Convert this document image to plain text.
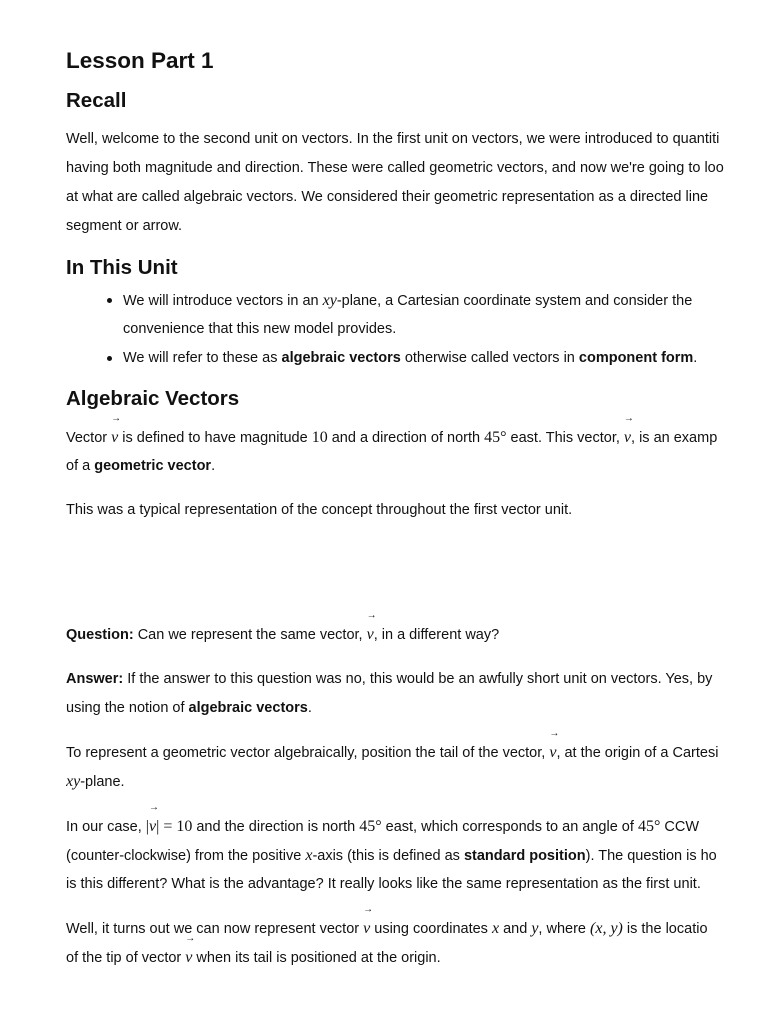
Lesson Part 1
Recall

Well, welcome to the second unit on vectors. In the first unit on vectors, we were introduced to quantiti
having both magnitude and direction. These were called geometric vectors, and now we're going to loo
at what are called algebraic vectors. We considered their geometric representation as a directed line
segment or arrow.

In This Unit
We will introduce vectors in an xy-plane, a Cartesian coordinate system and consider the
convenience that this new model provides.
We will refer to these as algebraic vectors otherwise called vectors in component form.
Algebraic Vectors

Vector → v is defined to have magnitude 10 and a direction of north 45° east. This vector, → v, is an examp
of a geometric vector.

This was a typical representation of the concept throughout the first vector unit.

Question: Can we represent the same vector, → v, in a different way?

Answer: If the answer to this question was no, this would be an awfully short unit on vectors. Yes, by
using the notion of algebraic vectors.

To represent a geometric vector algebraically, position the tail of the vector, → v, at the origin of a Cartesi
xy-plane.

In our case, |→ v| = 10 and the direction is north 45° east, which corresponds to an angle of 45° CCW
(counter-clockwise) from the positive x-axis (this is defined as standard position). The question is ho
is this different? What is the advantage? It really looks like the same representation as the first unit.

Well, it turns out we can now represent vector → v using coordinates x and y, where (x, y) is the locatio
of the tip of vector → v when its tail is positioned at the origin.
